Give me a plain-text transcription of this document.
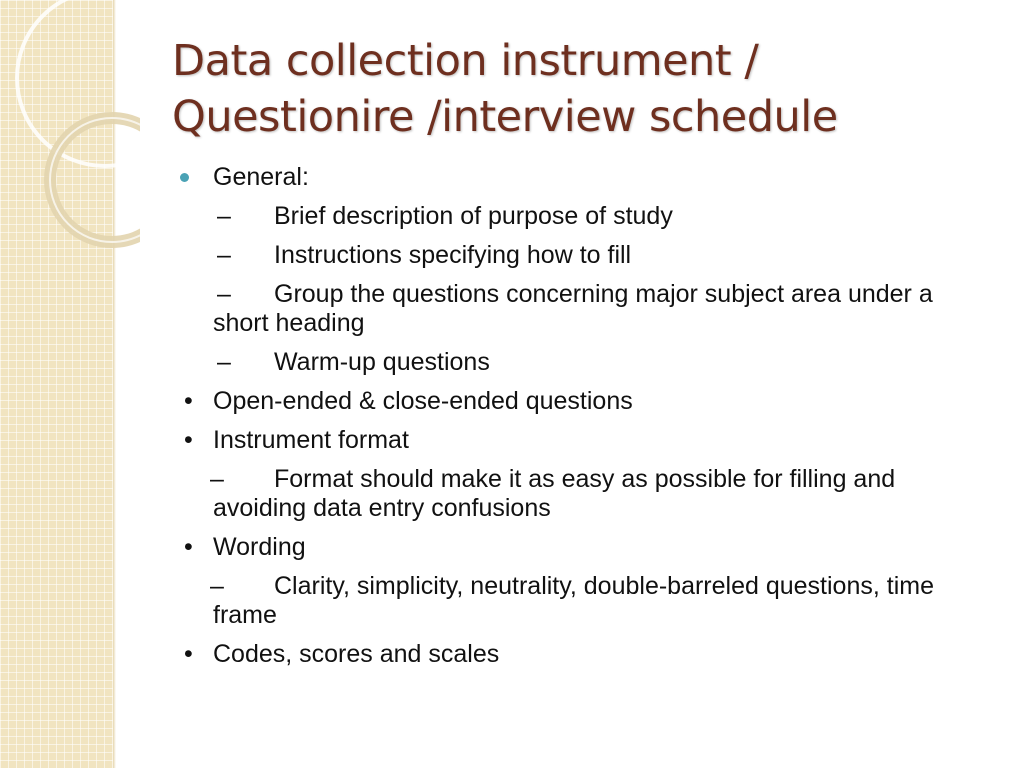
Data collection instrument /
Questionire /interview schedule

General:

– Brief description of purpose of study

– Instructions specifying how to fill

– Group the questions concerning major subject area under a short heading

– Warm-up questions

• Open-ended & close-ended questions

• Instrument format

– Format should make it as easy as possible for filling and avoiding data entry confusions

• Wording

– Clarity, simplicity, neutrality, double-barreled questions, time frame

• Codes, scores and scales
